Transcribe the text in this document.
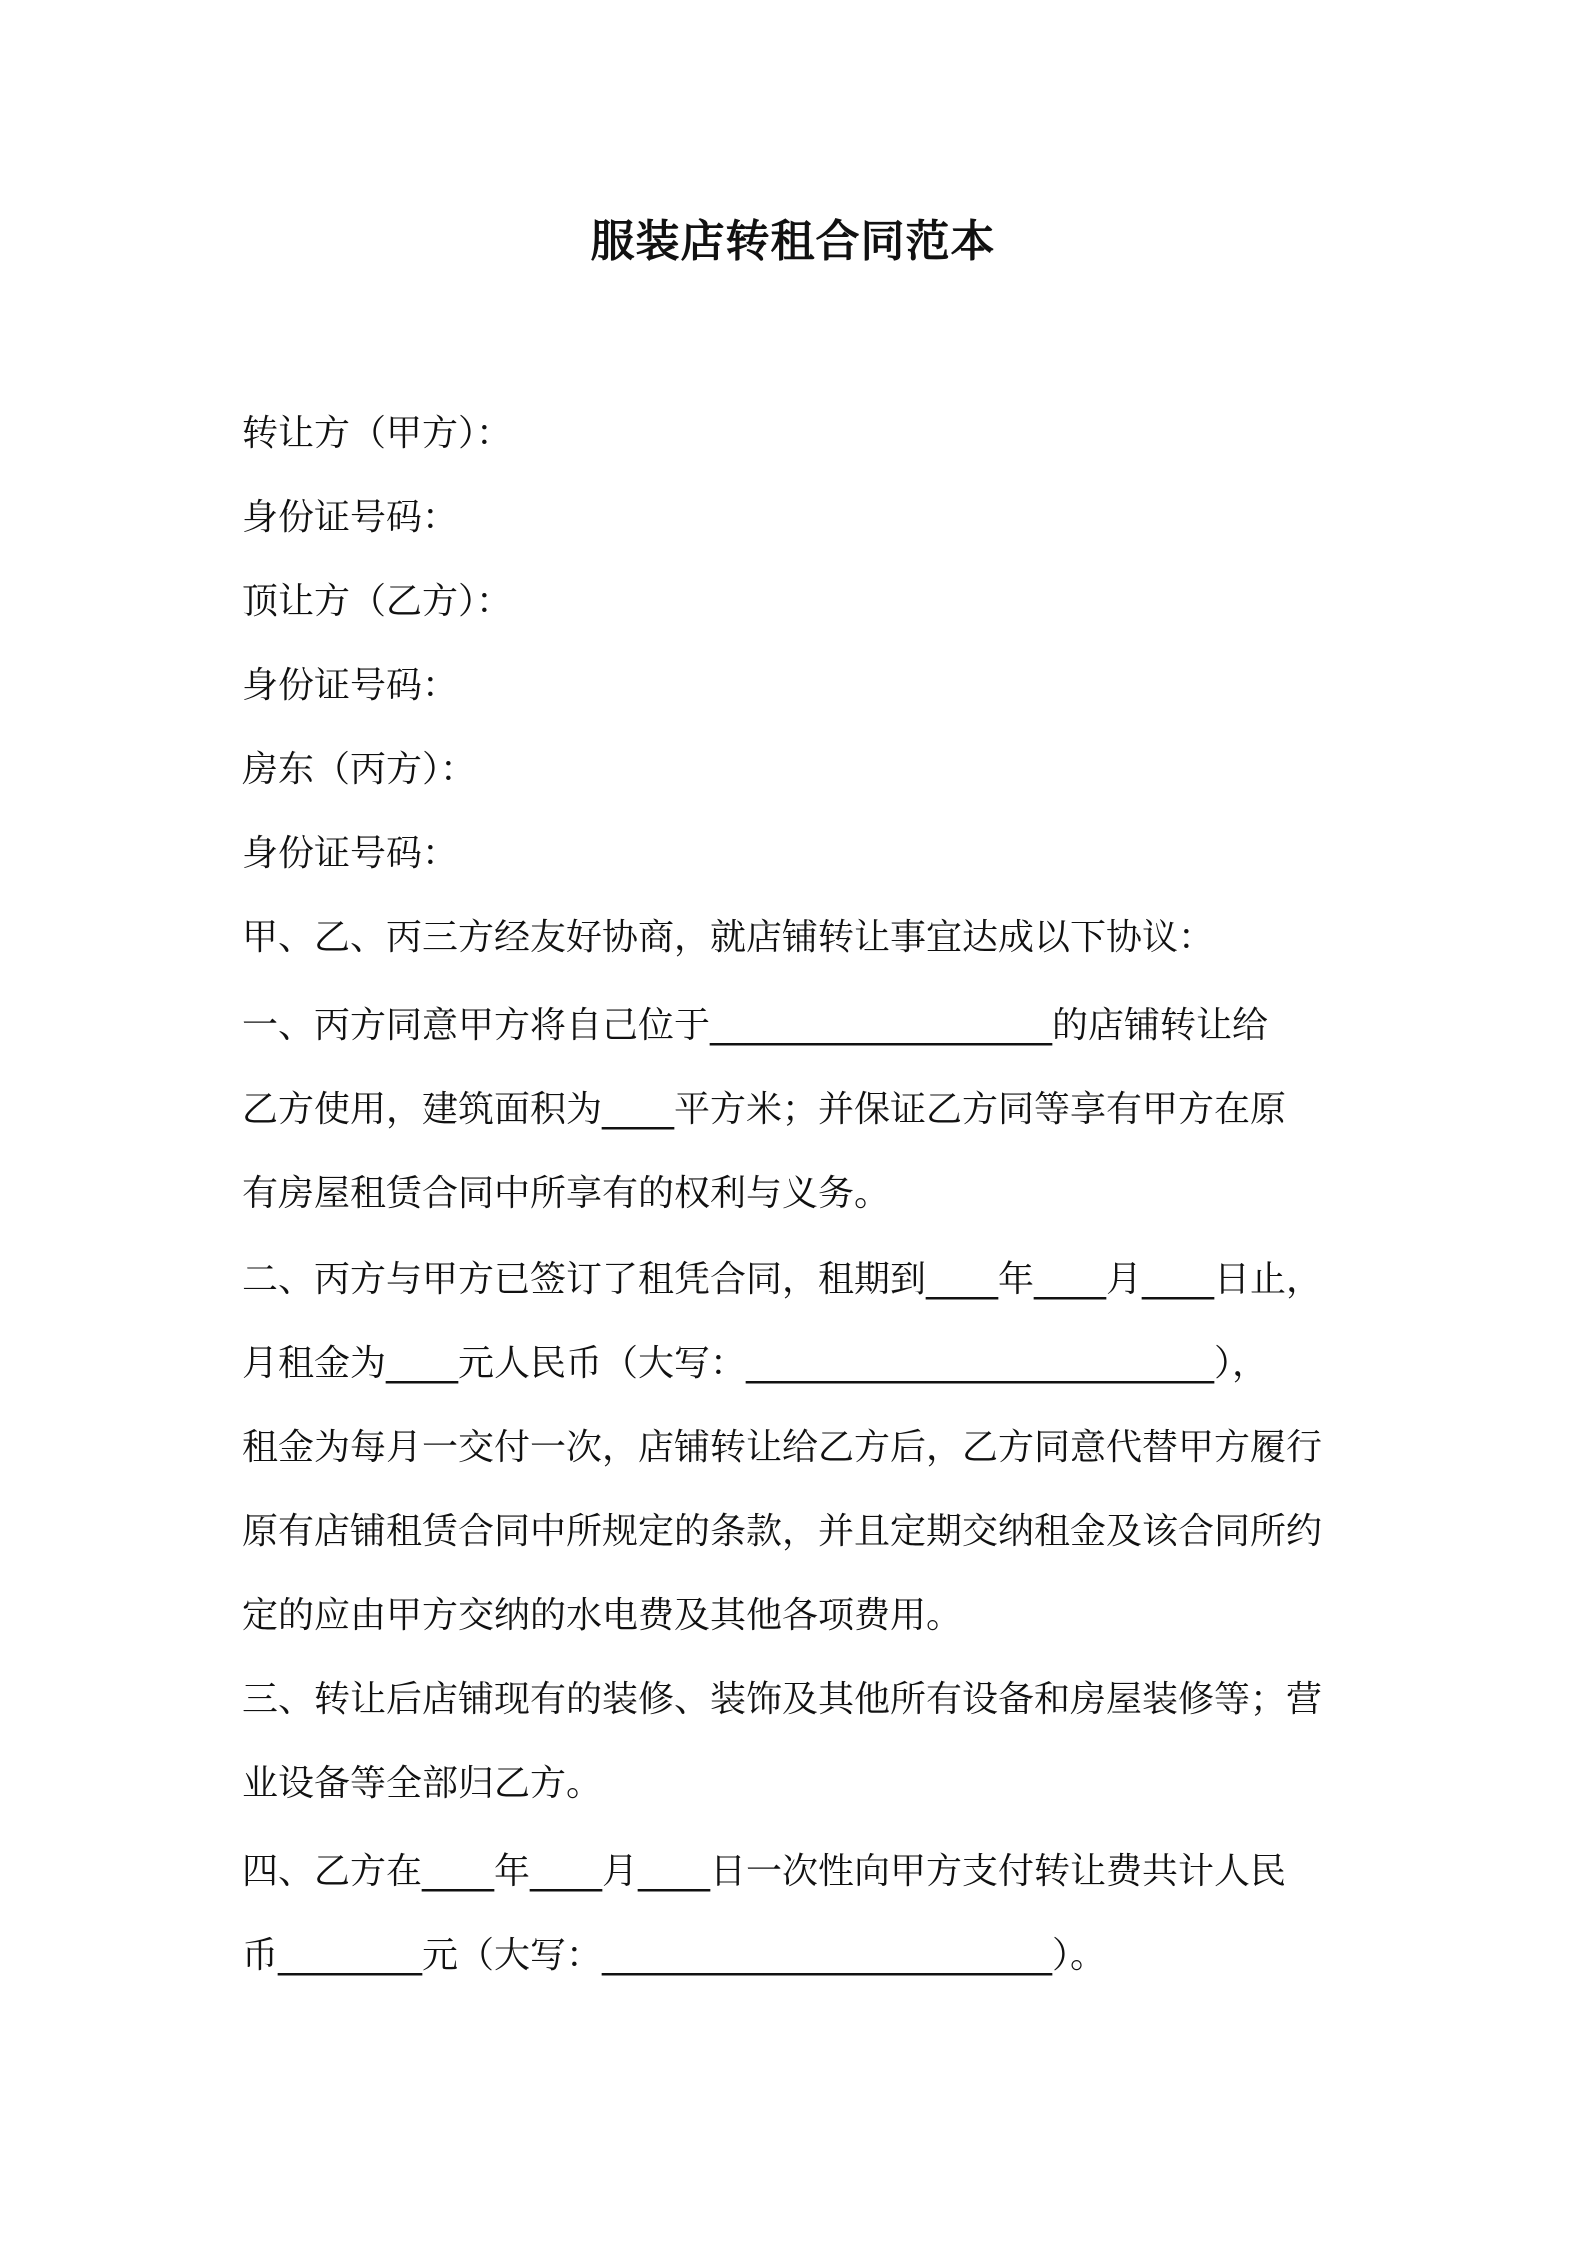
服装店转租合同范本
转让方（甲方）：
身份证号码：
顶让方（乙方）：
身份证号码：
房东（丙方）：
身份证号码：
甲、乙、丙三方经友好协商，就店铺转让事宜达成以下协议：
一、丙方同意甲方将自己位于___________________的店铺转让给
乙方使用，建筑面积为____平方米；并保证乙方同等享有甲方在原
有房屋租赁合同中所享有的权利与义务。
二、丙方与甲方已签订了租凭合同，租期到____年____月____日止，
月租金为____元人民币（大写：__________________________），
租金为每月一交付一次，店铺转让给乙方后，乙方同意代替甲方履行
原有店铺租赁合同中所规定的条款，并且定期交纳租金及该合同所约
定的应由甲方交纳的水电费及其他各项费用。
三、转让后店铺现有的装修、装饰及其他所有设备和房屋装修等；营
业设备等全部归乙方。
四、乙方在____年____月____日一次性向甲方支付转让费共计人民
币________元（大写：_________________________）。
